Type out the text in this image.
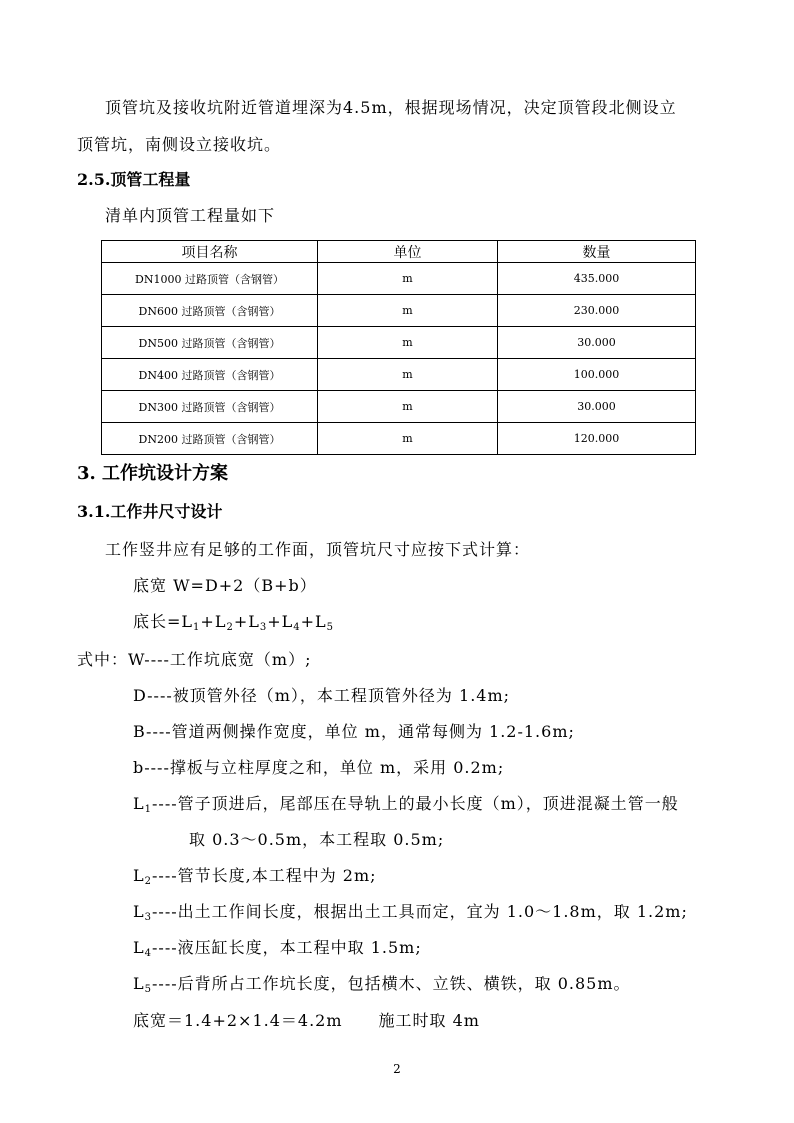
顶管坑及接收坑附近管道埋深为4.5m，根据现场情况，决定顶管段北侧设立
顶管坑，南侧设立接收坑。
2.5.顶管工程量
清单内顶管工程量如下
项目名称	单位	数量
DN1000 过路顶管（含钢管）	m	435.000
DN600 过路顶管（含钢管）	m	230.000
DN500 过路顶管（含钢管）	m	30.000
DN400 过路顶管（含钢管）	m	100.000
DN300 过路顶管（含钢管）	m	30.000
DN200 过路顶管（含钢管）	m	120.000
3. 工作坑设计方案
3.1.工作井尺寸设计
工作竖井应有足够的工作面，顶管坑尺寸应按下式计算：
底宽 W=D+2（B+b）
底长$=L_1+L_2+L_3+L_4+L_5$
式中：W----工作坑底宽（m）;
D----被顶管外径（m），本工程顶管外径为 1.4m;
B----管道两侧操作宽度，单位 m，通常每侧为 1.2-1.6m;
b----撑板与立柱厚度之和，单位 m，采用 0.2m;
$L_1----$管子顶进后，尾部压在导轨上的最小长度（m），顶进混凝土管一般
取 0.3～0.5m，本工程取 0.5m;
$L_2----$管节长度,本工程中为 2m;
$L_3----$出土工作间长度，根据出土工具而定，宜为 1.0～1.8m，取 1.2m;
$L_4----$液压缸长度，本工程中取 1.5m;
$L_5----$后背所占工作坑长度，包括横木、立铁、横铁，取 0.85m。
底宽＝1.4+2×1.4＝4.2m 施工时取 4m
2
